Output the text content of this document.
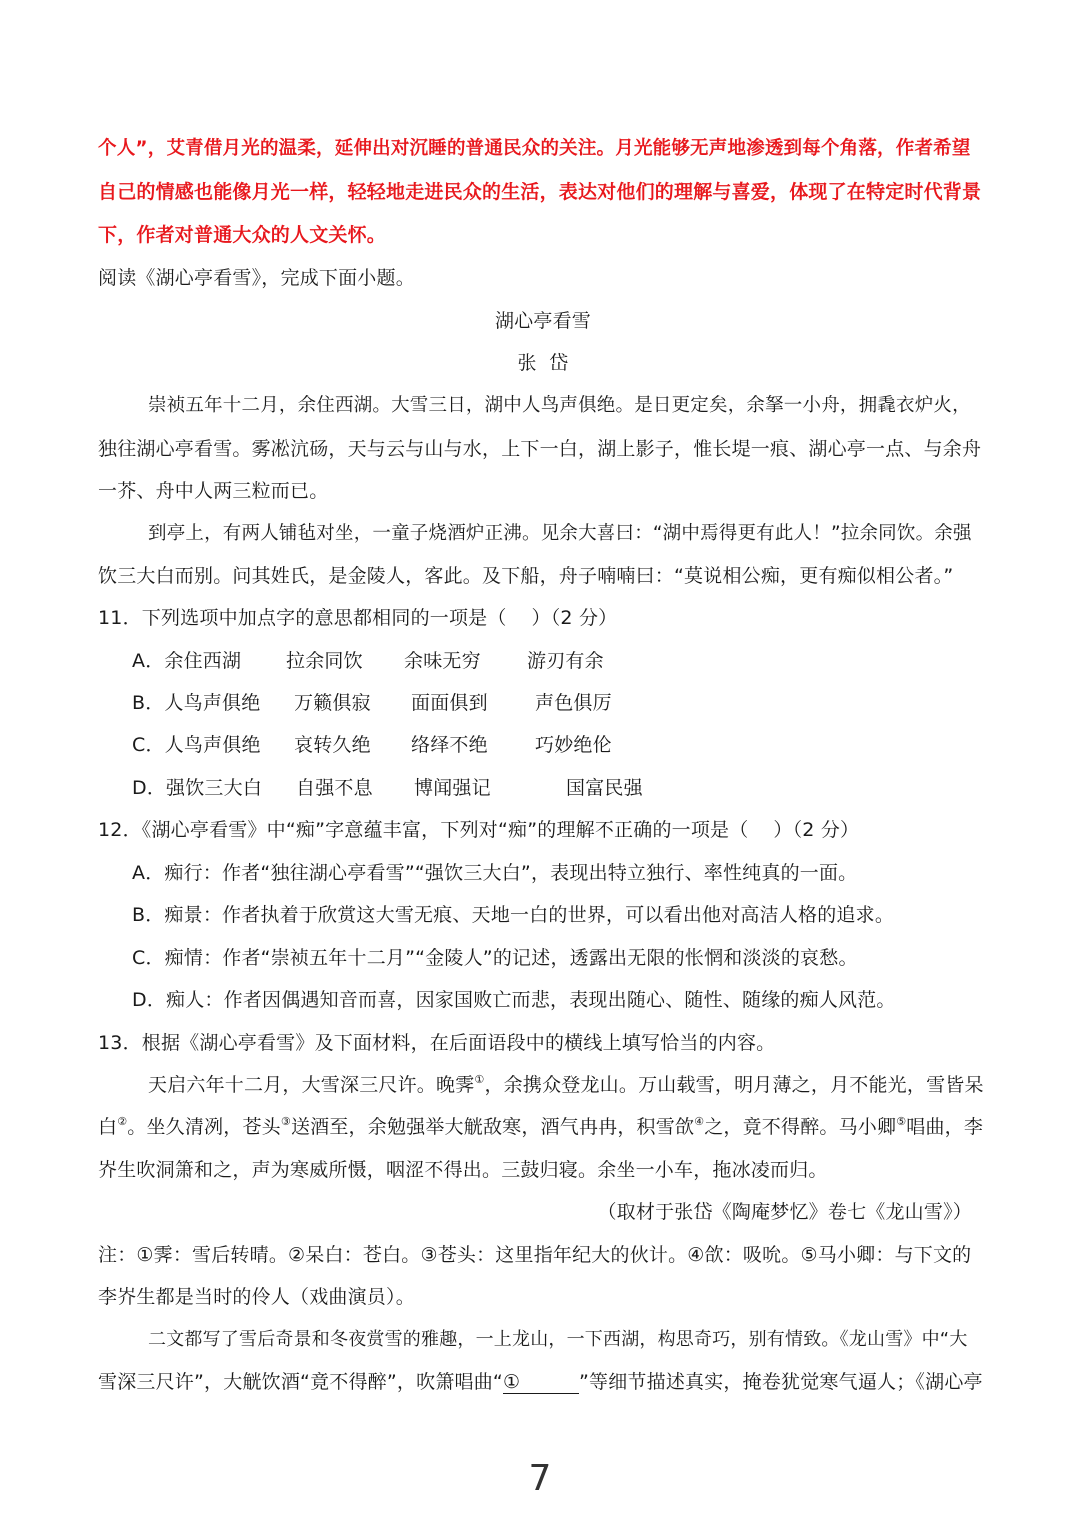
个人”，艾青借月光的温柔，延伸出对沉睡的普通民众的关注。月光能够无声地渗透到每个角落，作者希望
自己的情感也能像月光一样，轻轻地走进民众的生活，表达对他们的理解与喜爱，体现了在特定时代背景
下，作者对普通大众的人文关怀。
阅读《湖心亭看雪》，完成下面小题。
湖心亭看雪
张  岱
崇祯五年十二月，余住西湖。大雪三日，湖中人鸟声俱绝。是日更定矣，余拏一小舟，拥毳衣炉火，
独往湖心亭看雪。雾凇沆砀，天与云与山与水，上下一白，湖上影子，惟长堤一痕、湖心亭一点、与余舟
一芥、舟中人两三粒而已。
到亭上，有两人铺毡对坐，一童子烧酒炉正沸。见余大喜曰：“湖中焉得更有此人！”拉余同饮。余强
饮三大白而别。问其姓氏，是金陵人，客此。及下船，舟子喃喃曰：“莫说相公痴，更有痴似相公者。”
11．下列选项中加点字的意思都相同的一项是（    ）（2 分）
A．余住西湖 拉余同饮 余味无穷 游刃有余
B．人鸟声俱绝 万籁俱寂 面面俱到 声色俱厉
C．人鸟声俱绝 哀转久绝 络绎不绝 巧妙绝伦
D．强饮三大白 自强不息 博闻强记	国富民强
12．《湖心亭看雪》中“痴”字意蕴丰富，下列对“痴”的理解不正确的一项是（    ）（2 分）
A．痴行：作者“独往湖心亭看雪”“强饮三大白”，表现出特立独行、率性纯真的一面。
B．痴景：作者执着于欣赏这大雪无痕、天地一白的世界，可以看出他对高洁人格的追求。
C．痴情：作者“崇祯五年十二月”“金陵人”的记述，透露出无限的怅惘和淡淡的哀愁。
D．痴人：作者因偶遇知音而喜，因家国败亡而悲，表现出随心、随性、随缘的痴人风范。
13．根据《湖心亭看雪》及下面材料，在后面语段中的横线上填写恰当的内容。
天启六年十二月，大雪深三尺许。晚霁①，余携众登龙山。万山载雪，明月薄之，月不能光，雪皆呆
白②。坐久清冽，苍头③送酒至，余勉强举大觥敌寒，酒气冉冉，积雪欱④之，竟不得醉。马小卿⑤唱曲，李
岕生吹洞箫和之，声为寒威所慑，咽涩不得出。三鼓归寝。余坐一小车，拖冰凌而归。
（取材于张岱《陶庵梦忆》卷七《龙山雪》）
注：①霁：雪后转晴。②呆白：苍白。③苍头：这里指年纪大的伙计。④欱：吸吮。⑤马小卿：与下文的
李岕生都是当时的伶人（戏曲演员）。
二文都写了雪后奇景和冬夜赏雪的雅趣，一上龙山，一下西湖，构思奇巧，别有情致。《龙山雪》中“大
雪深三尺许”，大觥饮酒“竟不得醉”，吹箫唱曲“①	”等细节描述真实，掩卷犹觉寒气逼人；《湖心亭
7
